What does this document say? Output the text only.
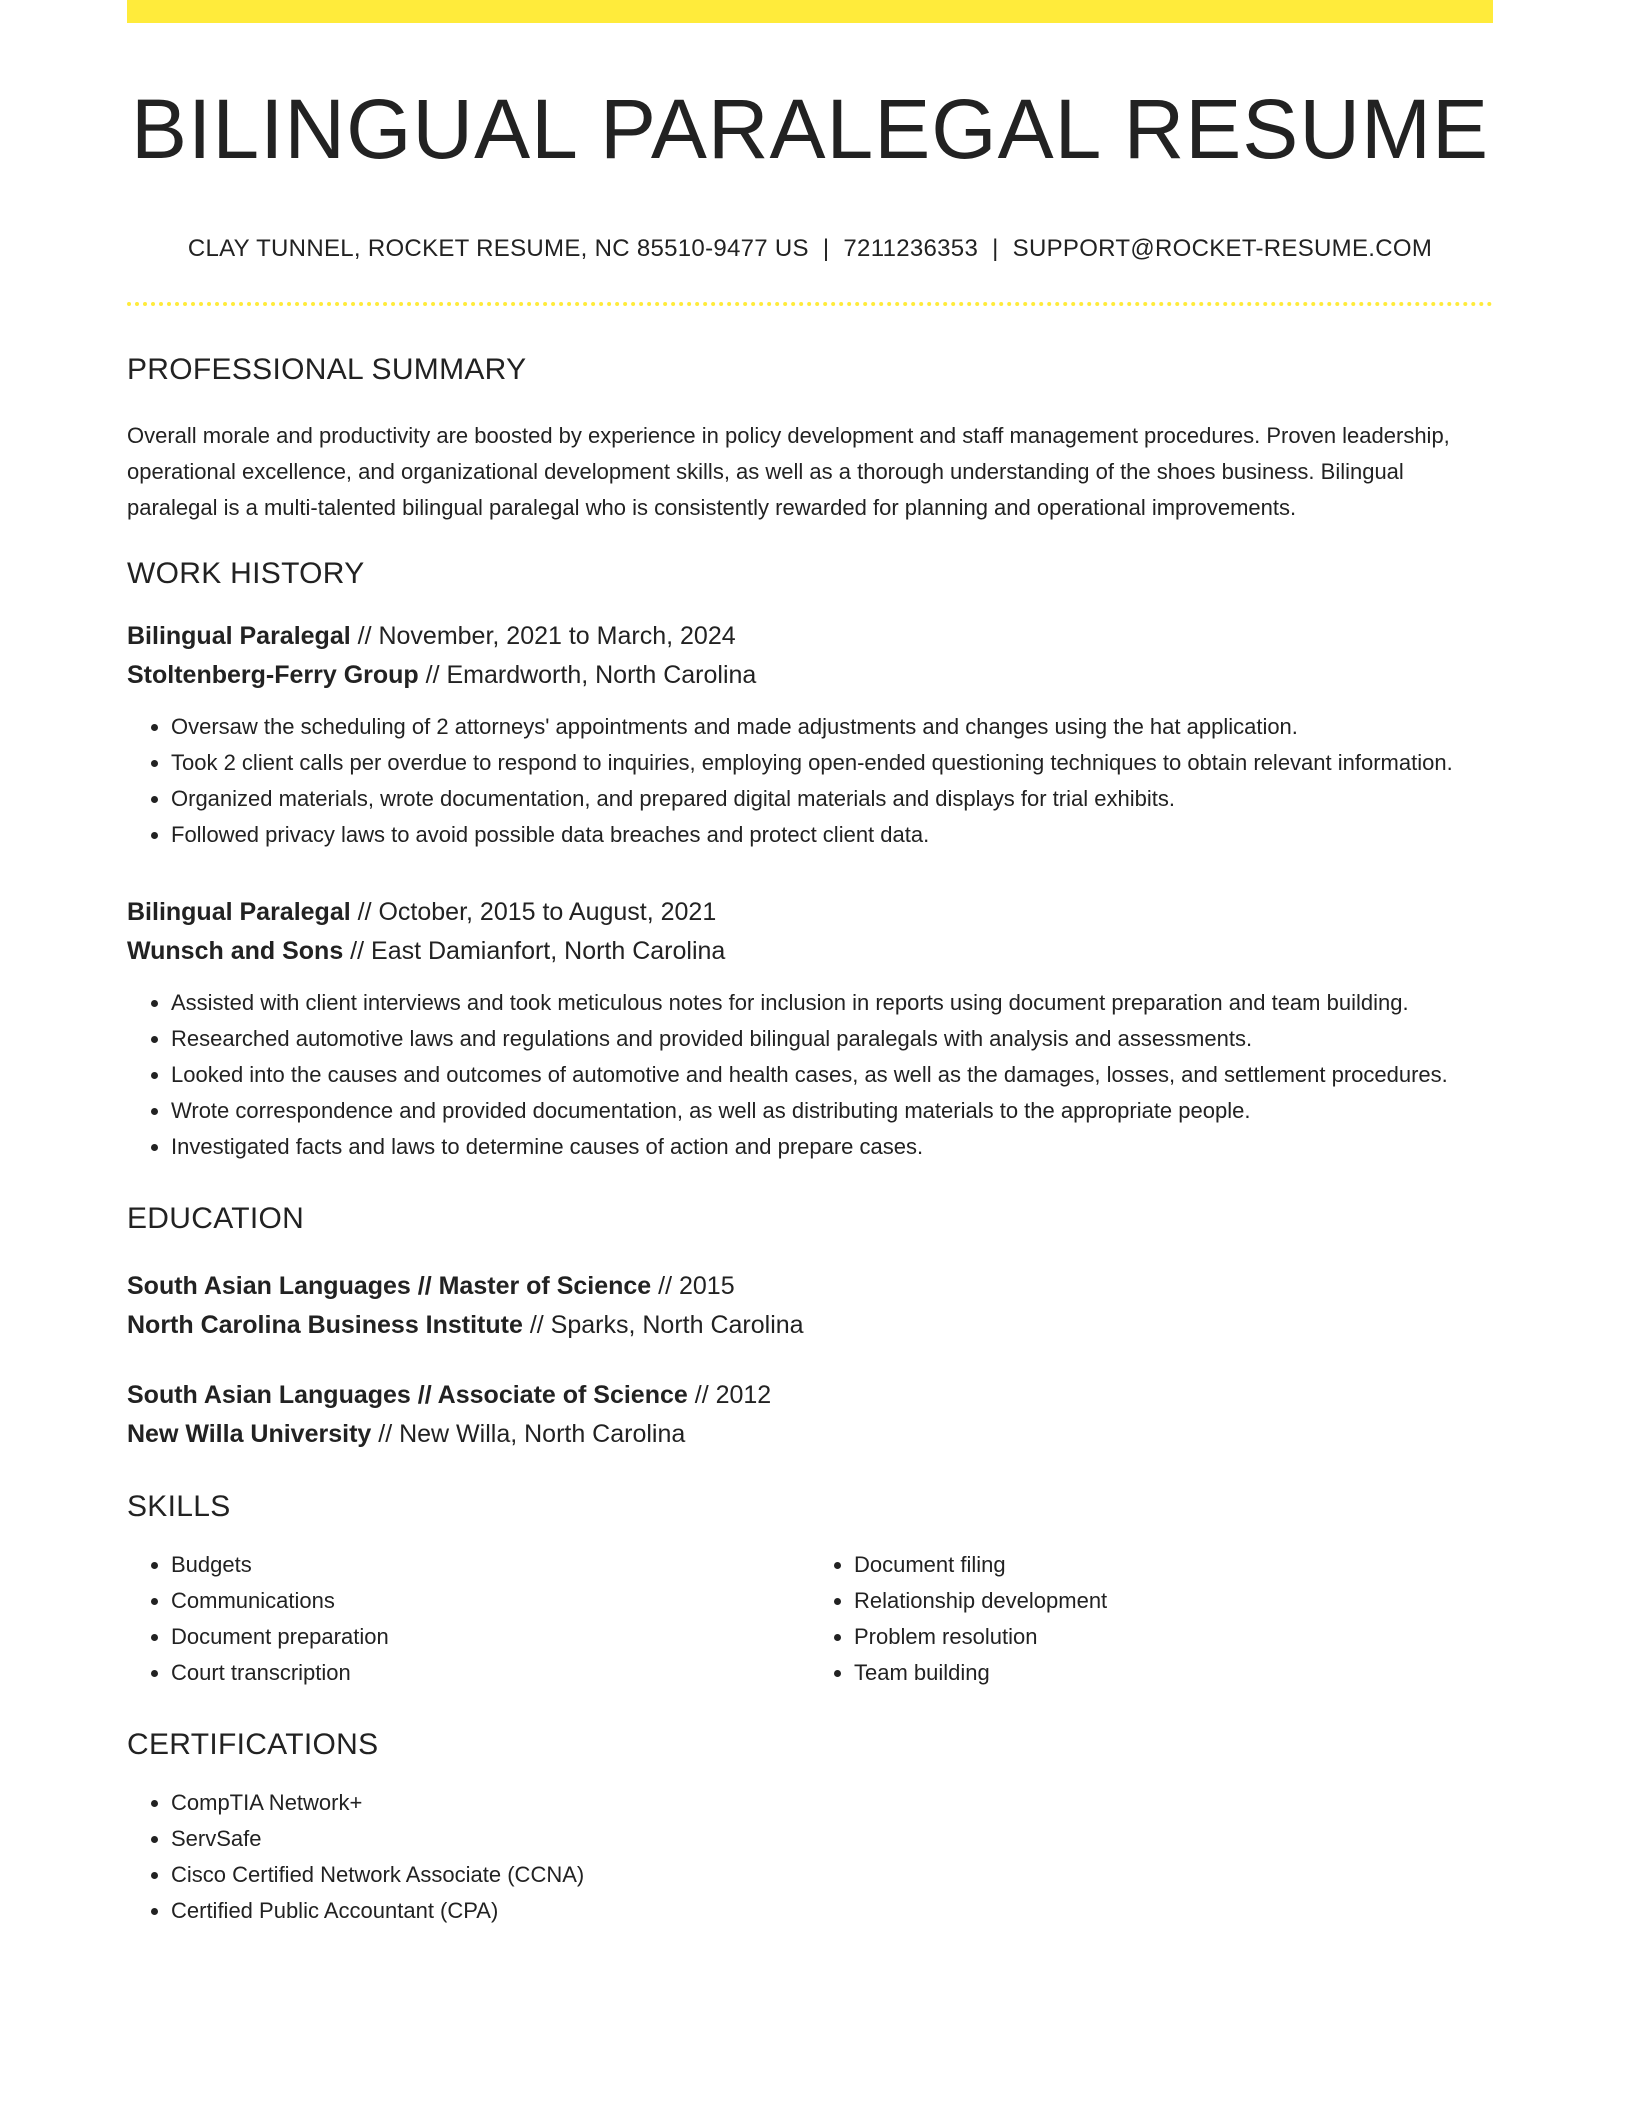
BILINGUAL PARALEGAL RESUME
CLAY TUNNEL, ROCKET RESUME, NC 85510-9477 US | 7211236353 | SUPPORT@ROCKET-RESUME.COM
PROFESSIONAL SUMMARY

Overall morale and productivity are boosted by experience in policy development and staff management procedures. Proven leadership, operational excellence, and organizational development skills, as well as a thorough understanding of the shoes business. Bilingual paralegal is a multi-talented bilingual paralegal who is consistently rewarded for planning and operational improvements.

WORK HISTORY

Bilingual Paralegal // November, 2021 to March, 2024

Stoltenberg-Ferry Group // Emardworth, North Carolina

• Oversaw the scheduling of 2 attorneys' appointments and made adjustments and changes using the hat application.
• Took 2 client calls per overdue to respond to inquiries, employing open-ended questioning techniques to obtain relevant information.
• Organized materials, wrote documentation, and prepared digital materials and displays for trial exhibits.
• Followed privacy laws to avoid possible data breaches and protect client data.

Bilingual Paralegal // October, 2015 to August, 2021

Wunsch and Sons // East Damianfort, North Carolina

• Assisted with client interviews and took meticulous notes for inclusion in reports using document preparation and team building.
• Researched automotive laws and regulations and provided bilingual paralegals with analysis and assessments.
• Looked into the causes and outcomes of automotive and health cases, as well as the damages, losses, and settlement procedures.
• Wrote correspondence and provided documentation, as well as distributing materials to the appropriate people.
• Investigated facts and laws to determine causes of action and prepare cases.
EDUCATION

South Asian Languages // Master of Science // 2015

North Carolina Business Institute // Sparks, North Carolina

South Asian Languages // Associate of Science // 2012

New Willa University // New Willa, North Carolina

SKILLS
• Budgets
• Communications
• Document preparation
• Court transcription
• Document filing
• Relationship development
• Problem resolution
• Team building
CERTIFICATIONS
• CompTIA Network+
• ServSafe
• Cisco Certified Network Associate (CCNA)
• Certified Public Accountant (CPA)
